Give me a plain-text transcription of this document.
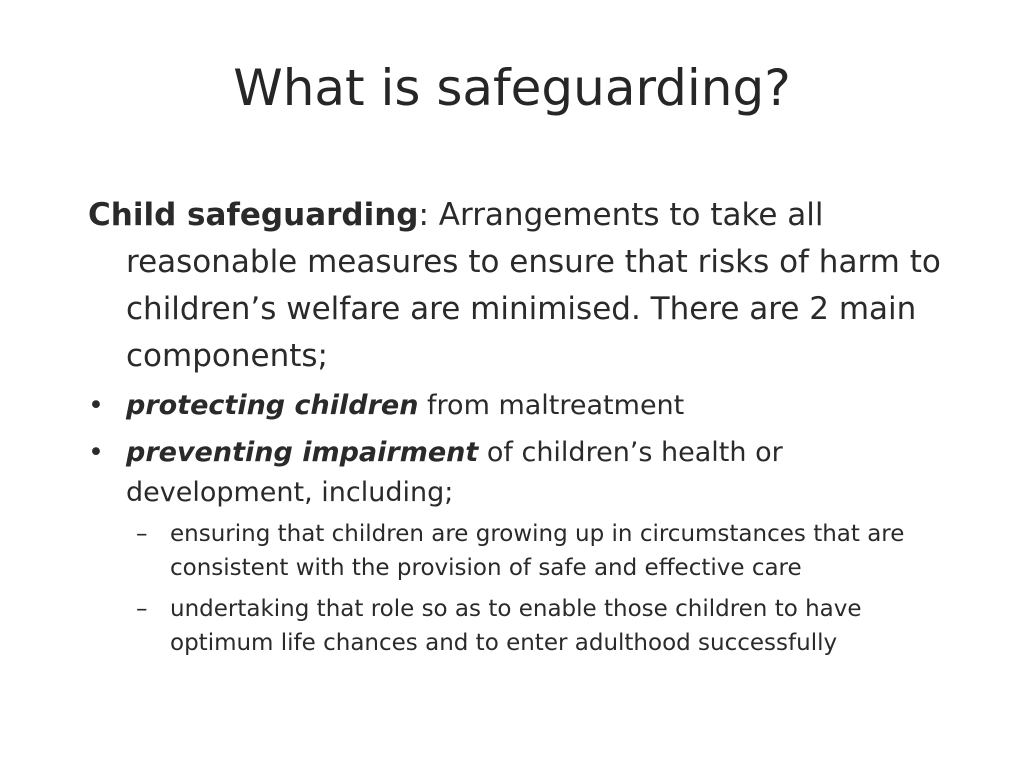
What is safeguarding?

Child safeguarding: Arrangements to take all reasonable measures to ensure that risks of harm to children’s welfare are minimised. There are 2 main components;

• protecting children from maltreatment
• preventing impairment of children’s health or development, including;
– ensuring that children are growing up in circumstances that are consistent with the provision of safe and effective care
– undertaking that role so as to enable those children to have optimum life chances and to enter adulthood successfully
